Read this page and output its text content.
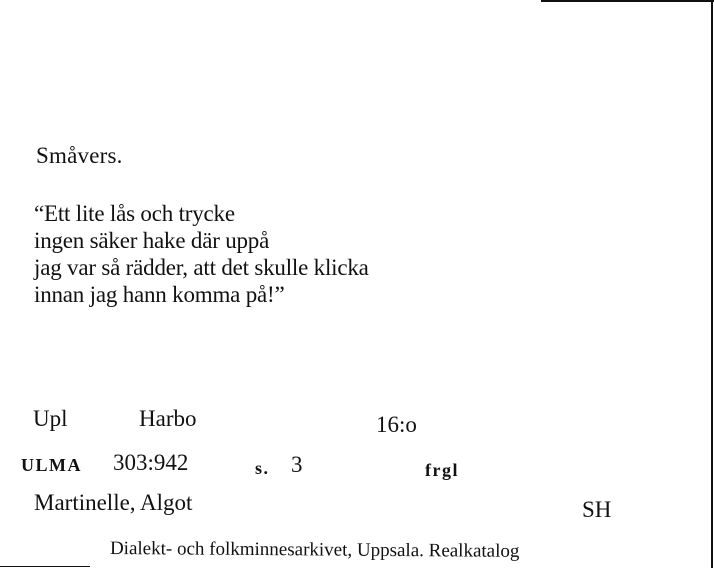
Småvers.
“Ett lite lås och trycke
ingen säker hake där uppå
jag var så rädder, att det skulle klicka
innan jag hann komma på!”
Upl	Harbo	16:o
ULMA 303:942	s. 3	frgl
Martinelle, Algot	SH
Dialekt- och folkminnesarkivet, Uppsala. Realkatalog
